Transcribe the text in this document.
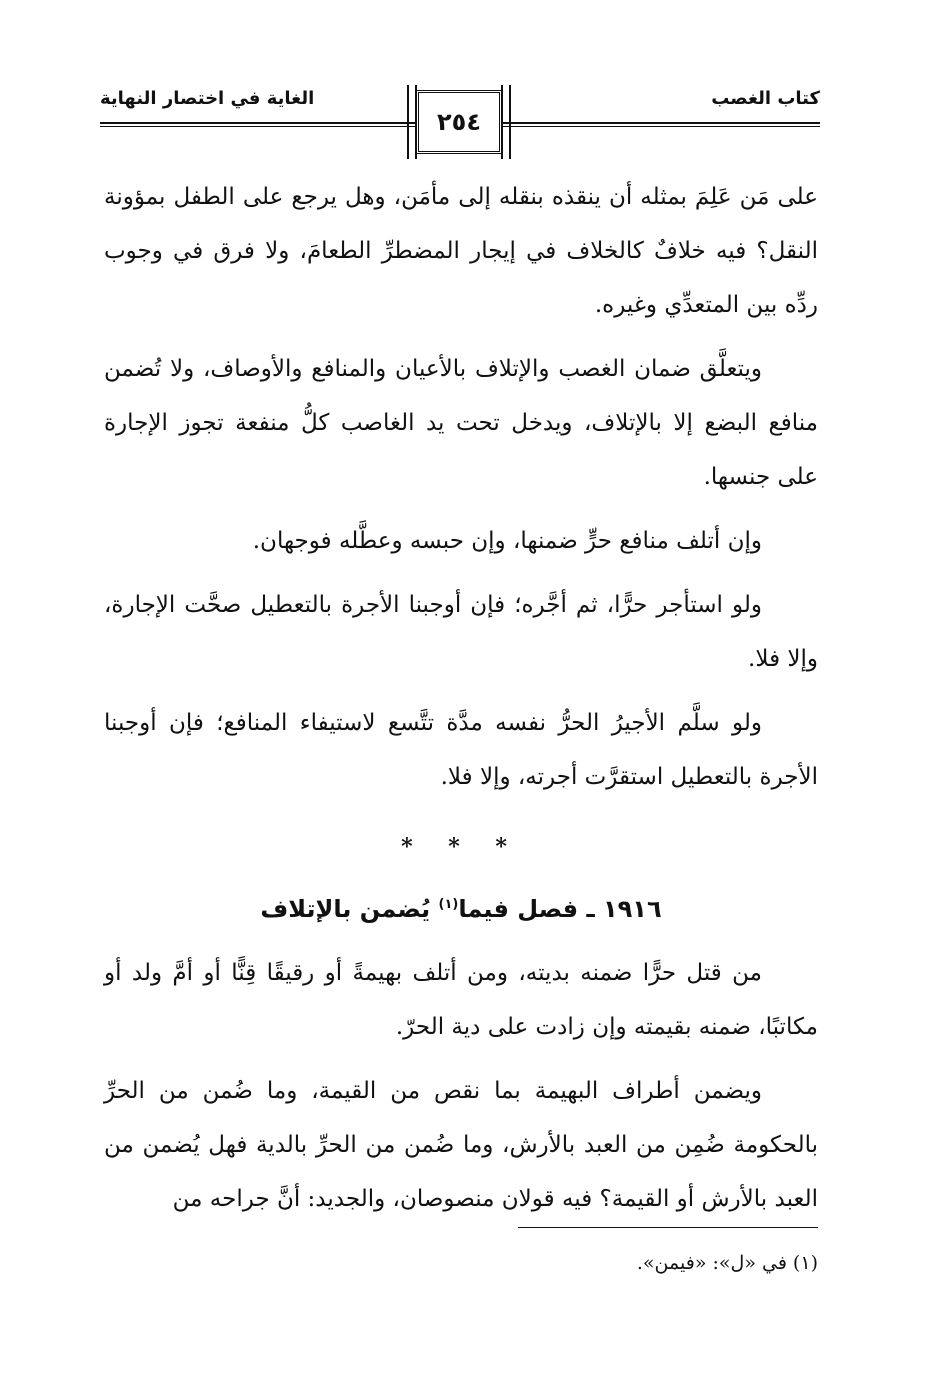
كتاب الغصب
الغاية في اختصار النهاية
٢٥٤

على مَن عَلِمَ بمثله أن ينقذه بنقله إلى مأمَن، وهل يرجع على الطفل بمؤونة النقل؟ فيه خلافٌ كالخلاف في إيجار المضطرِّ الطعامَ، ولا فرق في وجوب ردِّه بين المتعدِّي وغيره.

ويتعلَّق ضمان الغصب والإتلاف بالأعيان والمنافع والأوصاف، ولا تُضمن منافع البضع إلا بالإتلاف، ويدخل تحت يد الغاصب كلُّ منفعة تجوز الإجارة على جنسها.

وإن أتلف منافع حرٍّ ضمنها، وإن حبسه وعطَّله فوجهان.

ولو استأجر حرًّا، ثم أجَّره؛ فإن أوجبنا الأجرة بالتعطيل صحَّت الإجارة، وإلا فلا.

ولو سلَّم الأجيرُ الحرُّ نفسه مدَّة تتَّسع لاستيفاء المنافع؛ فإن أوجبنا الأجرة بالتعطيل استقرَّت أجرته، وإلا فلا.

* * *
١٩١٦ ـ فصل فيما$^{(١)}$ يُضمن بالإتلاف

من قتل حرًّا ضمنه بديته، ومن أتلف بهيمةً أو رقيقًا قِنًّا أو أمَّ ولد أو مكاتبًا، ضمنه بقيمته وإن زادت على دية الحرّ.

ويضمن أطراف البهيمة بما نقص من القيمة، وما ضُمن من الحرِّ بالحكومة ضُمِن من العبد بالأرش، وما ضُمن من الحرِّ بالدية فهل يُضمن من العبد بالأرش أو القيمة؟ فيه قولان منصوصان، والجديد: أنَّ جراحه من

(١) في «ل»: «فيمن».
